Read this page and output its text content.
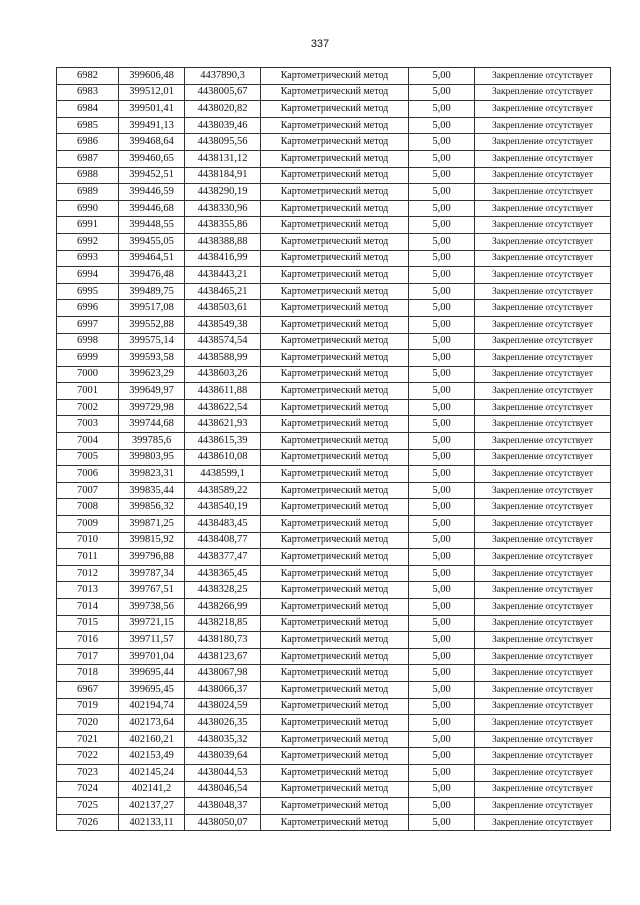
337
6982	399606,48	4437890,3	Картометрический метод	5,00	Закрепление отсутствует
6983	399512,01	4438005,67	Картометрический метод	5,00	Закрепление отсутствует
6984	399501,41	4438020,82	Картометрический метод	5,00	Закрепление отсутствует
6985	399491,13	4438039,46	Картометрический метод	5,00	Закрепление отсутствует
6986	399468,64	4438095,56	Картометрический метод	5,00	Закрепление отсутствует
6987	399460,65	4438131,12	Картометрический метод	5,00	Закрепление отсутствует
6988	399452,51	4438184,91	Картометрический метод	5,00	Закрепление отсутствует
6989	399446,59	4438290,19	Картометрический метод	5,00	Закрепление отсутствует
6990	399446,68	4438330,96	Картометрический метод	5,00	Закрепление отсутствует
6991	399448,55	4438355,86	Картометрический метод	5,00	Закрепление отсутствует
6992	399455,05	4438388,88	Картометрический метод	5,00	Закрепление отсутствует
6993	399464,51	4438416,99	Картометрический метод	5,00	Закрепление отсутствует
6994	399476,48	4438443,21	Картометрический метод	5,00	Закрепление отсутствует
6995	399489,75	4438465,21	Картометрический метод	5,00	Закрепление отсутствует
6996	399517,08	4438503,61	Картометрический метод	5,00	Закрепление отсутствует
6997	399552,88	4438549,38	Картометрический метод	5,00	Закрепление отсутствует
6998	399575,14	4438574,54	Картометрический метод	5,00	Закрепление отсутствует
6999	399593,58	4438588,99	Картометрический метод	5,00	Закрепление отсутствует
7000	399623,29	4438603,26	Картометрический метод	5,00	Закрепление отсутствует
7001	399649,97	4438611,88	Картометрический метод	5,00	Закрепление отсутствует
7002	399729,98	4438622,54	Картометрический метод	5,00	Закрепление отсутствует
7003	399744,68	4438621,93	Картометрический метод	5,00	Закрепление отсутствует
7004	399785,6	4438615,39	Картометрический метод	5,00	Закрепление отсутствует
7005	399803,95	4438610,08	Картометрический метод	5,00	Закрепление отсутствует
7006	399823,31	4438599,1	Картометрический метод	5,00	Закрепление отсутствует
7007	399835,44	4438589,22	Картометрический метод	5,00	Закрепление отсутствует
7008	399856,32	4438540,19	Картометрический метод	5,00	Закрепление отсутствует
7009	399871,25	4438483,45	Картометрический метод	5,00	Закрепление отсутствует
7010	399815,92	4438408,77	Картометрический метод	5,00	Закрепление отсутствует
7011	399796,88	4438377,47	Картометрический метод	5,00	Закрепление отсутствует
7012	399787,34	4438365,45	Картометрический метод	5,00	Закрепление отсутствует
7013	399767,51	4438328,25	Картометрический метод	5,00	Закрепление отсутствует
7014	399738,56	4438266,99	Картометрический метод	5,00	Закрепление отсутствует
7015	399721,15	4438218,85	Картометрический метод	5,00	Закрепление отсутствует
7016	399711,57	4438180,73	Картометрический метод	5,00	Закрепление отсутствует
7017	399701,04	4438123,67	Картометрический метод	5,00	Закрепление отсутствует
7018	399695,44	4438067,98	Картометрический метод	5,00	Закрепление отсутствует
6967	399695,45	4438066,37	Картометрический метод	5,00	Закрепление отсутствует
7019	402194,74	4438024,59	Картометрический метод	5,00	Закрепление отсутствует
7020	402173,64	4438026,35	Картометрический метод	5,00	Закрепление отсутствует
7021	402160,21	4438035,32	Картометрический метод	5,00	Закрепление отсутствует
7022	402153,49	4438039,64	Картометрический метод	5,00	Закрепление отсутствует
7023	402145,24	4438044,53	Картометрический метод	5,00	Закрепление отсутствует
7024	402141,2	4438046,54	Картометрический метод	5,00	Закрепление отсутствует
7025	402137,27	4438048,37	Картометрический метод	5,00	Закрепление отсутствует
7026	402133,11	4438050,07	Картометрический метод	5,00	Закрепление отсутствует
